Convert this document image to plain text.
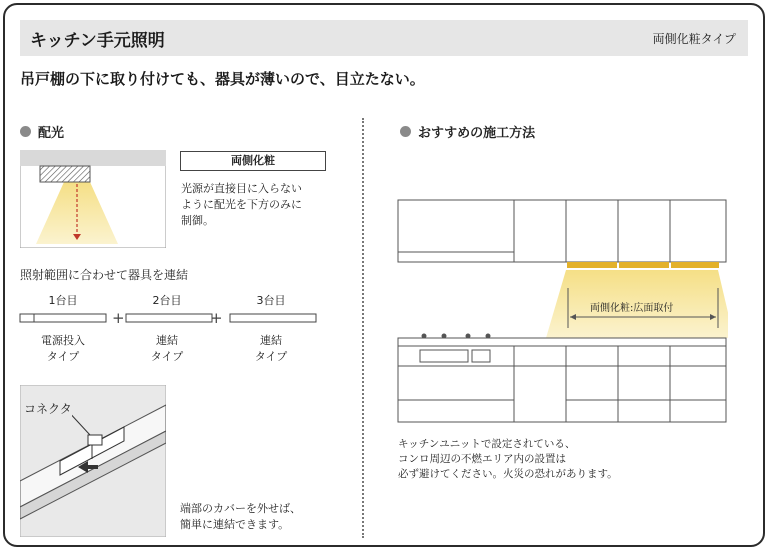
キッチン手元照明	両側化粧タイプ
吊戸棚の下に取り付けても、器具が薄いので、目立たない。
配光
両側化粧
光源が直接目に入らない
ように配光を下方のみに
制御。
照射範囲に合わせて器具を連結
1台目	2台目	3台目
+	+
電源投入
タイプ
連結
タイプ
連結
タイプ
コネクタ
端部のカバーを外せば、
簡単に連結できます。
おすすめの施工方法
両側化粧:広面取付
キッチンユニットで設定されている、
コンロ周辺の不燃エリア内の設置は
必ず避けてください。火災の恐れがあります。
